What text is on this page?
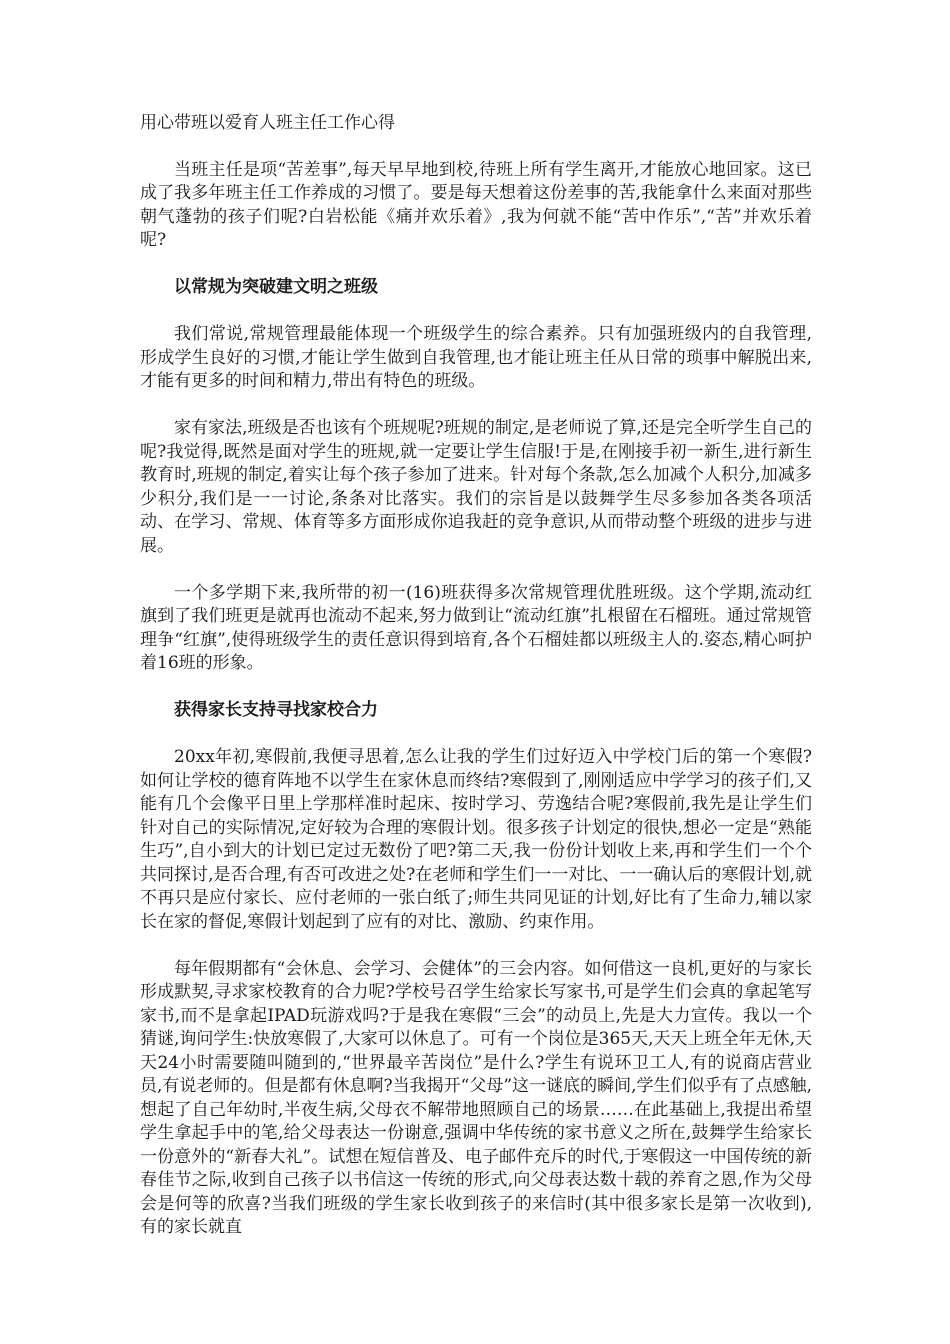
用心带班以爱育人班主任工作心得

当班主任是项“苦差事”,每天早早地到校,待班上所有学生离开,才能放心地回家。这已成了我多年班主任工作养成的习惯了。要是每天想着这份差事的苦,我能拿什么来面对那些朝气蓬勃的孩子们呢?白岩松能《痛并欢乐着》,我为何就不能“苦中作乐”,“苦”并欢乐着呢?

以常规为突破建文明之班级

我们常说,常规管理最能体现一个班级学生的综合素养。只有加强班级内的自我管理,形成学生良好的习惯,才能让学生做到自我管理,也才能让班主任从日常的琐事中解脱出来,才能有更多的时间和精力,带出有特色的班级。

家有家法,班级是否也该有个班规呢?班规的制定,是老师说了算,还是完全听学生自己的呢?我觉得,既然是面对学生的班规,就一定要让学生信服!于是,在刚接手初一新生,进行新生教育时,班规的制定,着实让每个孩子参加了进来。针对每个条款,怎么加减个人积分,加减多少积分,我们是一一讨论,条条对比落实。我们的宗旨是以鼓舞学生尽多参加各类各项活动、在学习、常规、体育等多方面形成你追我赶的竞争意识,从而带动整个班级的进步与进展。

一个多学期下来,我所带的初一(16)班获得多次常规管理优胜班级。这个学期,流动红旗到了我们班更是就再也流动不起来,努力做到让“流动红旗”扎根留在石榴班。通过常规管理争“红旗”,使得班级学生的责任意识得到培育,各个石榴娃都以班级主人的.姿态,精心呵护着16班的形象。

获得家长支持寻找家校合力

20xx年初,寒假前,我便寻思着,怎么让我的学生们过好迈入中学校门后的第一个寒假?如何让学校的德育阵地不以学生在家休息而终结?寒假到了,刚刚适应中学学习的孩子们,又能有几个会像平日里上学那样准时起床、按时学习、劳逸结合呢?寒假前,我先是让学生们针对自己的实际情况,定好较为合理的寒假计划。很多孩子计划定的很快,想必一定是“熟能生巧”,自小到大的计划已定过无数份了吧?第二天,我一份份计划收上来,再和学生们一个个共同探讨,是否合理,有否可改进之处?在老师和学生们一一对比、一一确认后的寒假计划,就不再只是应付家长、应付老师的一张白纸了;师生共同见证的计划,好比有了生命力,辅以家长在家的督促,寒假计划起到了应有的对比、激励、约束作用。

每年假期都有“会休息、会学习、会健体”的三会内容。如何借这一良机,更好的与家长形成默契,寻求家校教育的合力呢?学校号召学生给家长写家书,可是学生们会真的拿起笔写家书,而不是拿起IPAD玩游戏吗?于是我在寒假“三会”的动员上,先是大力宣传。我以一个猜谜,询问学生:快放寒假了,大家可以休息了。可有一个岗位是365天,天天上班全年无休,天天24小时需要随叫随到的,“世界最辛苦岗位”是什么?学生有说环卫工人,有的说商店营业员,有说老师的。但是都有休息啊?当我揭开“父母”这一谜底的瞬间,学生们似乎有了点感触,想起了自己年幼时,半夜生病,父母衣不解带地照顾自己的场景……在此基础上,我提出希望学生拿起手中的笔,给父母表达一份谢意,强调中华传统的家书意义之所在,鼓舞学生给家长一份意外的“新春大礼”。试想在短信普及、电子邮件充斥的时代,于寒假这一中国传统的新春佳节之际,收到自己孩子以书信这一传统的形式,向父母表达数十载的养育之恩,作为父母会是何等的欣喜?当我们班级的学生家长收到孩子的来信时(其中很多家长是第一次收到),有的家长就直
